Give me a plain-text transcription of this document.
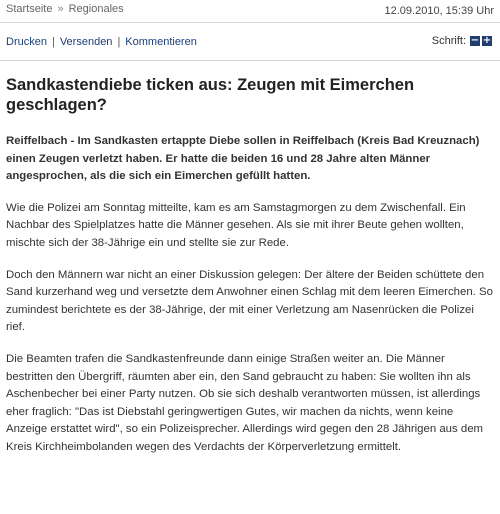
Startseite » Regionales	12.09.2010, 15:39 Uhr
Drucken | Versenden | Kommentieren	Schrift: − +
Sandkastendiebe ticken aus: Zeugen mit Eimerchen geschlagen?

Reiffelbach - Im Sandkasten ertappte Diebe sollen in Reiffelbach (Kreis Bad Kreuznach) einen Zeugen verletzt haben. Er hatte die beiden 16 und 28 Jahre alten Männer angesprochen, als die sich ein Eimerchen gefüllt hatten.

Wie die Polizei am Sonntag mitteilte, kam es am Samstagmorgen zu dem Zwischenfall. Ein Nachbar des Spielplatzes hatte die Männer gesehen. Als sie mit ihrer Beute gehen wollten, mischte sich der 38-Jährige ein und stellte sie zur Rede.

Doch den Männern war nicht an einer Diskussion gelegen: Der ältere der Beiden schüttete den Sand kurzerhand weg und versetzte dem Anwohner einen Schlag mit dem leeren Eimerchen. So zumindest berichtete es der 38-Jährige, der mit einer Verletzung am Nasenrücken die Polizei rief.

Die Beamten trafen die Sandkastenfreunde dann einige Straßen weiter an. Die Männer bestritten den Übergriff, räumten aber ein, den Sand gebraucht zu haben: Sie wollten ihn als Aschenbecher bei einer Party nutzen. Ob sie sich deshalb verantworten müssen, ist allerdings eher fraglich: "Das ist Diebstahl geringwertigen Gutes, wir machen da nichts, wenn keine Anzeige erstattet wird", so ein Polizeisprecher. Allerdings wird gegen den 28 Jährigen aus dem Kreis Kirchheimbolanden wegen des Verdachts der Körperverletzung ermittelt.
